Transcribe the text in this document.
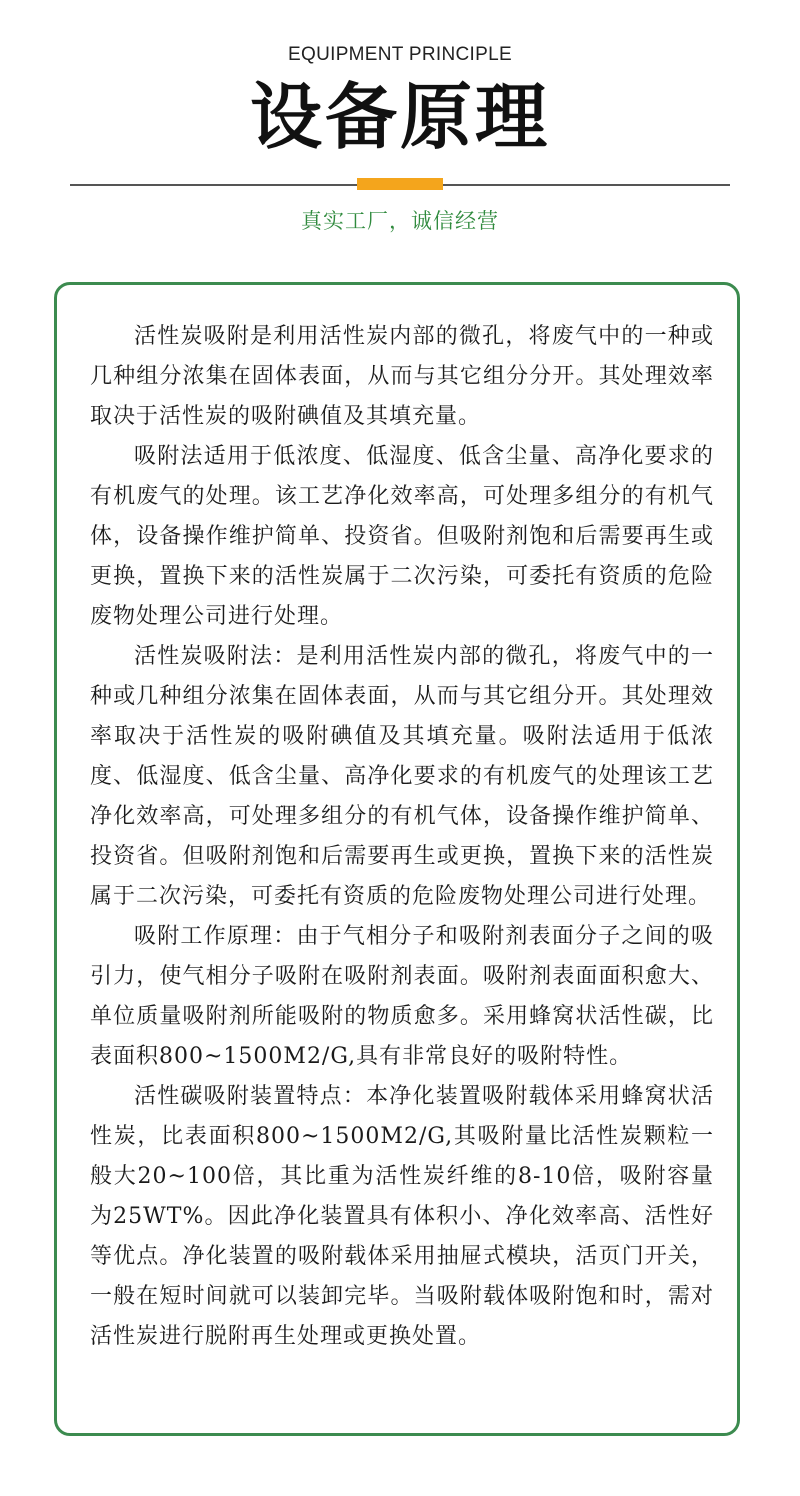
EQUIPMENT PRINCIPLE
设备原理
真实工厂，诚信经营

活性炭吸附是利用活性炭内部的微孔，将废气中的一种或几种组分浓集在固体表面，从而与其它组分分开。其处理效率取决于活性炭的吸附碘值及其填充量。

吸附法适用于低浓度、低湿度、低含尘量、高净化要求的有机废气的处理。该工艺净化效率高，可处理多组分的有机气体，设备操作维护简单、投资省。但吸附剂饱和后需要再生或更换，置换下来的活性炭属于二次污染，可委托有资质的危险废物处理公司进行处理。

活性炭吸附法：是利用活性炭内部的微孔，将废气中的一种或几种组分浓集在固体表面，从而与其它组分开。其处理效率取决于活性炭的吸附碘值及其填充量。吸附法适用于低浓度、低湿度、低含尘量、高净化要求的有机废气的处理该工艺净化效率高，可处理多组分的有机气体，设备操作维护简单、投资省。但吸附剂饱和后需要再生或更换，置换下来的活性炭属于二次污染，可委托有资质的危险废物处理公司进行处理。

吸附工作原理：由于气相分子和吸附剂表面分子之间的吸引力，使气相分子吸附在吸附剂表面。吸附剂表面面积愈大、单位质量吸附剂所能吸附的物质愈多。采用蜂窝状活性碳，比表面积800~1500M2/G,具有非常良好的吸附特性。

活性碳吸附装置特点：本净化装置吸附载体采用蜂窝状活性炭，比表面积800~1500M2/G,其吸附量比活性炭颗粒一般大20~100倍，其比重为活性炭纤维的8-10倍，吸附容量为25WT%。因此净化装置具有体积小、净化效率高、活性好等优点。净化装置的吸附载体采用抽屉式模块，活页门开关，一般在短时间就可以装卸完毕。当吸附载体吸附饱和时，需对活性炭进行脱附再生处理或更换处置。
